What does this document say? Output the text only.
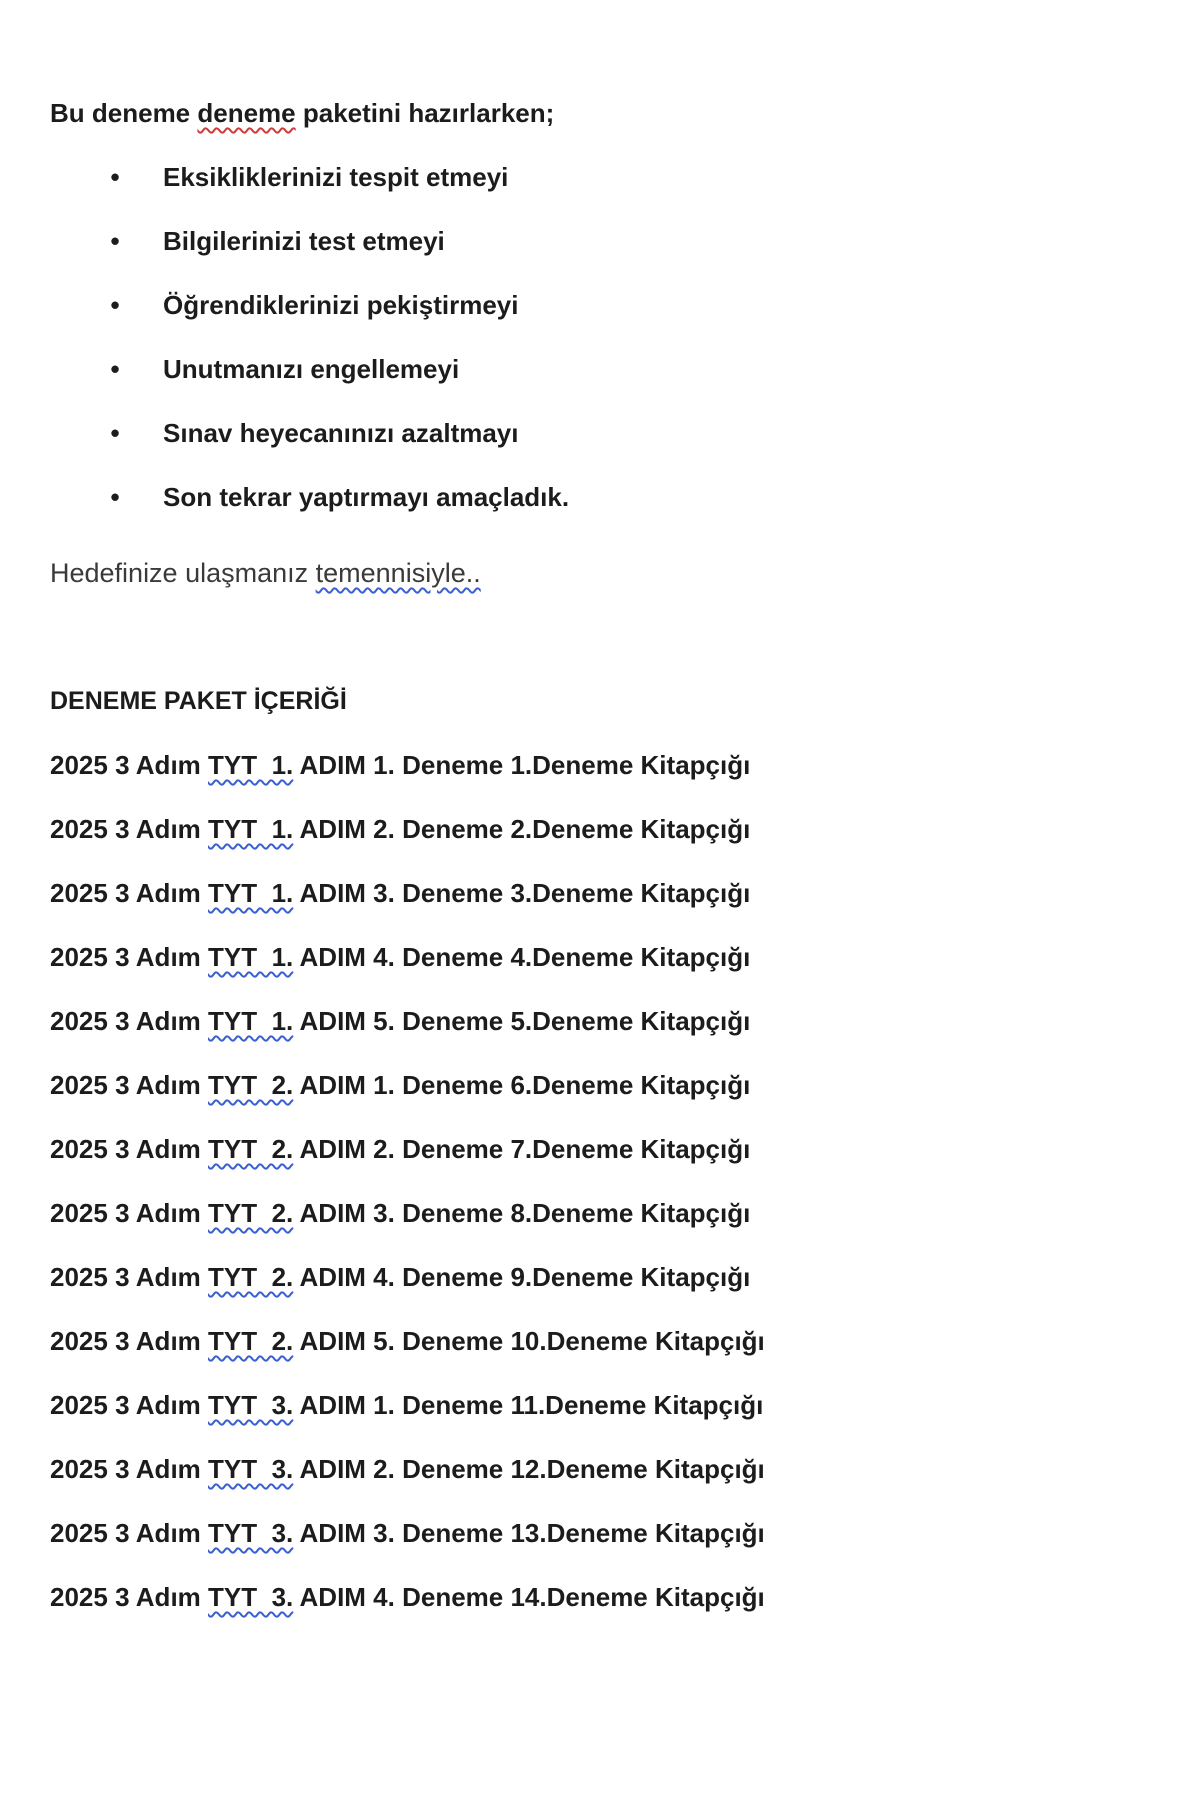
Bu deneme deneme paketini hazırlarken;

• Eksikliklerinizi tespit etmeyi
• Bilgilerinizi test etmeyi
• Öğrendiklerinizi pekiştirmeyi
• Unutmanızı engellemeyi
• Sınav heyecanınızı azaltmayı
• Son tekrar yaptırmayı amaçladık.

Hedefinize ulaşmanız temennisiyle..

DENEME PAKET İÇERİĞİ

2025 3 Adım TYT  1. ADIM 1. Deneme 1.Deneme Kitapçığı
2025 3 Adım TYT  1. ADIM 2. Deneme 2.Deneme Kitapçığı
2025 3 Adım TYT  1. ADIM 3. Deneme 3.Deneme Kitapçığı
2025 3 Adım TYT  1. ADIM 4. Deneme 4.Deneme Kitapçığı
2025 3 Adım TYT  1. ADIM 5. Deneme 5.Deneme Kitapçığı
2025 3 Adım TYT  2. ADIM 1. Deneme 6.Deneme Kitapçığı
2025 3 Adım TYT  2. ADIM 2. Deneme 7.Deneme Kitapçığı
2025 3 Adım TYT  2. ADIM 3. Deneme 8.Deneme Kitapçığı
2025 3 Adım TYT  2. ADIM 4. Deneme 9.Deneme Kitapçığı
2025 3 Adım TYT  2. ADIM 5. Deneme 10.Deneme Kitapçığı
2025 3 Adım TYT  3. ADIM 1. Deneme 11.Deneme Kitapçığı
2025 3 Adım TYT  3. ADIM 2. Deneme 12.Deneme Kitapçığı
2025 3 Adım TYT  3. ADIM 3. Deneme 13.Deneme Kitapçığı
2025 3 Adım TYT  3. ADIM 4. Deneme 14.Deneme Kitapçığı
